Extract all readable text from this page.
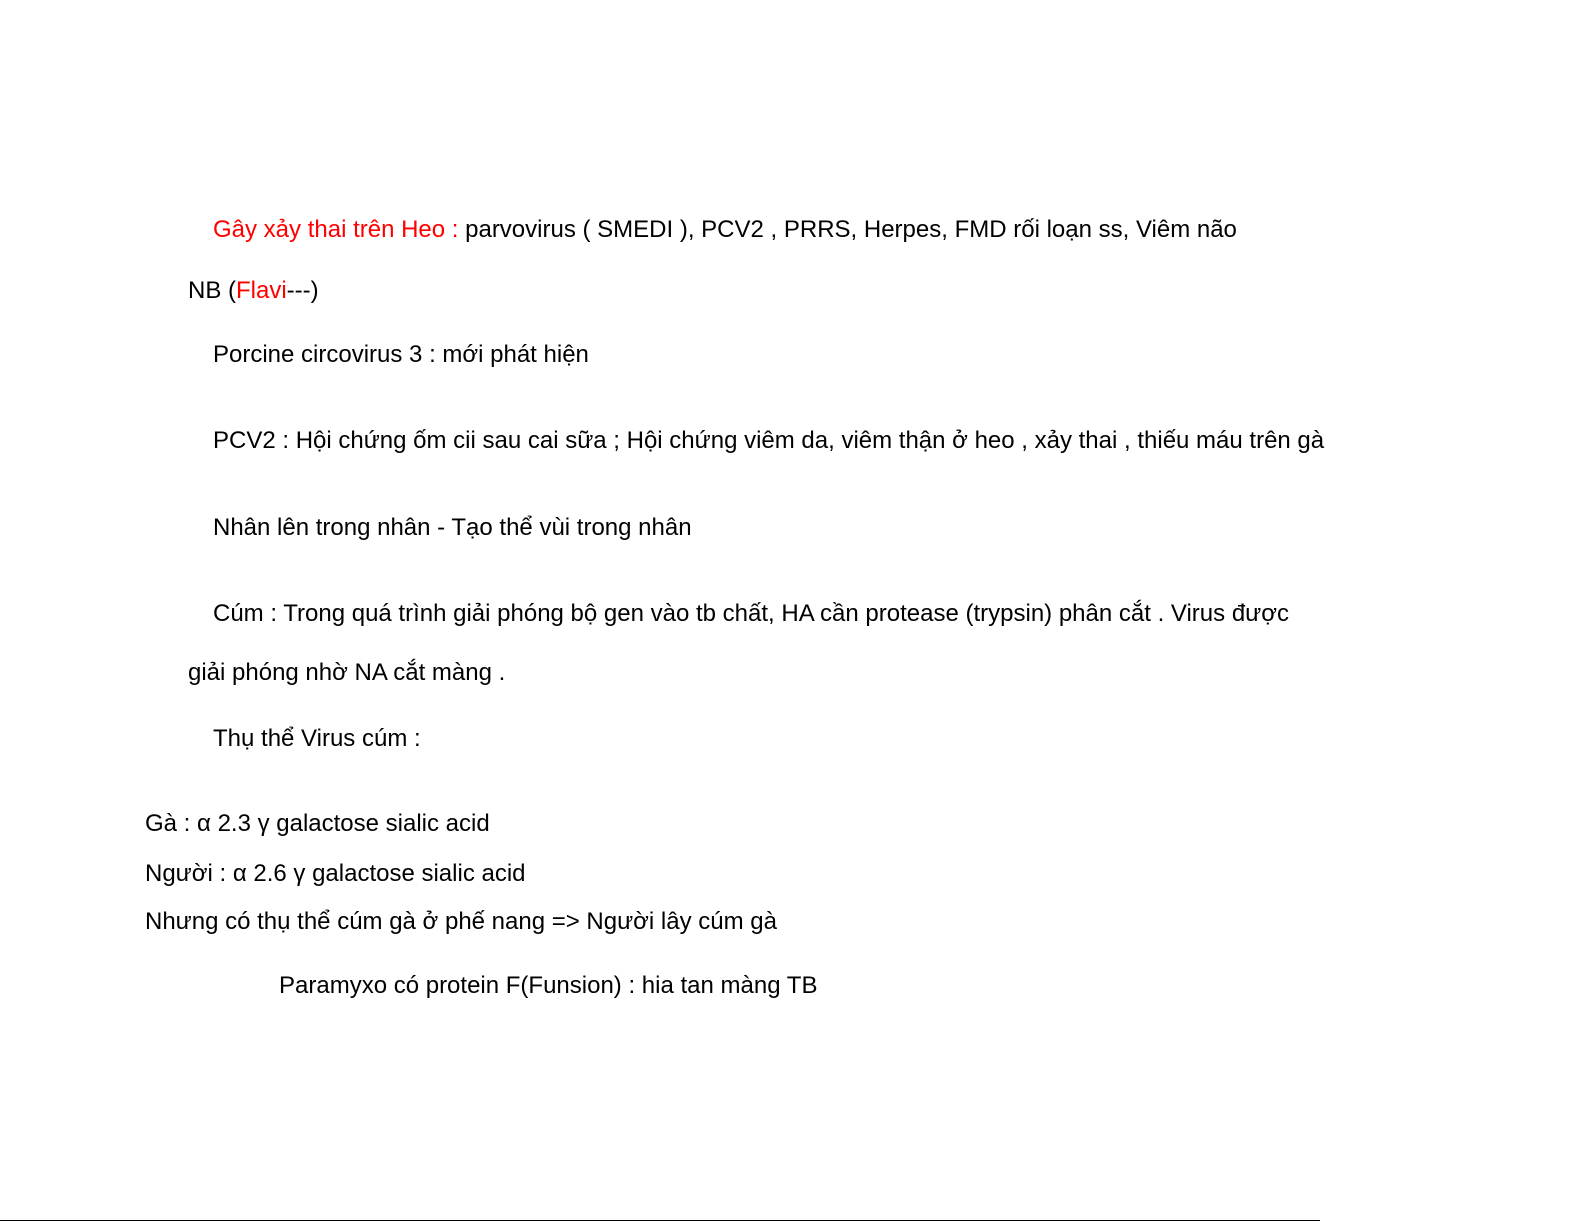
Gây xảy thai trên Heo : parvovirus ( SMEDI ), PCV2 , PRRS, Herpes, FMD rối loạn ss, Viêm não
NB (Flavi---)
Porcine circovirus 3 : mới phát hiện
PCV2 : Hội chứng ốm cii sau cai sữa ; Hội chứng viêm da, viêm thận ở heo , xảy thai , thiếu máu trên gà
Nhân lên trong nhân - Tạo thể vùi trong nhân
Cúm : Trong quá trình giải phóng bộ gen vào tb chất, HA cần protease (trypsin) phân cắt . Virus được
giải phóng nhờ NA cắt màng .
Thụ thể Virus cúm :
Gà : α 2.3 γ galactose sialic acid
Người : α 2.6 γ galactose sialic acid
Nhưng có thụ thể cúm gà ở phế nang => Người lây cúm gà
Paramyxo có protein F(Funsion) : hia tan màng TB
